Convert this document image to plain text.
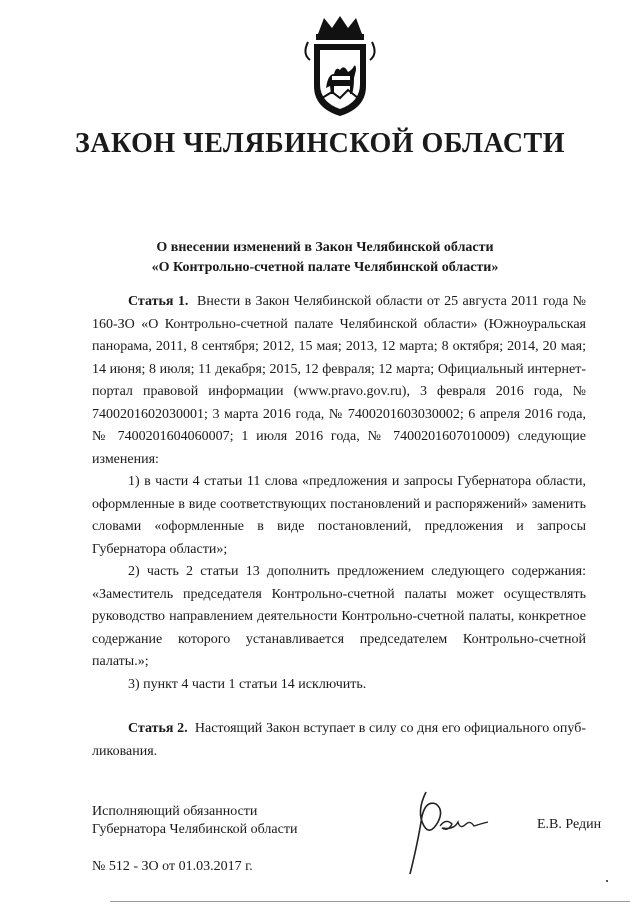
ЗАКОН ЧЕЛЯБИНСКОЙ ОБЛАСТИ
О внесении изменений в Закон Челябинской области
«О Контрольно-счетной палате Челябинской области»

Статья 1. Внести в Закон Челябинской области от 25 августа 2011 года № 160-ЗО «О Контрольно-счетной палате Челябинской области» (Южноуральская панорама, 2011, 8 сентября; 2012, 15 мая; 2013, 12 марта; 8 октября; 2014, 20 мая; 14 июня; 8 июля; 11 декабря; 2015, 12 февраля; 12 марта; Официальный интернет-портал правовой информации (www.pravo.gov.ru), 3 февраля 2016 года, № 7400201602030001; 3 марта 2016 года, № 7400201603030002; 6 апреля 2016 года, № 7400201604060007; 1 июля 2016 года, № 7400201607010009) следующие изменения:

1) в части 4 статьи 11 слова «предложения и запросы Губернатора области, оформленные в виде соответствующих постановлений и распоряжений» заменить словами «оформленные в виде постановлений, предложения и запросы Губернатора области»;

2) часть 2 статьи 13 дополнить предложением следующего содержания: «Заместитель председателя Контрольно-счетной палаты может осуществлять руководство направлением деятельности Контрольно-счетной палаты, конкретное содержание которого устанавливается председателем Контрольно-счетной палаты.»;

3) пункт 4 части 1 статьи 14 исключить.

Статья 2. Настоящий Закон вступает в силу со дня его официального опуб-ликования.

Исполняющий обязанности
Губернатора Челябинской области	Е.В. Редин
№ 512 - ЗО от 01.03.2017 г.
